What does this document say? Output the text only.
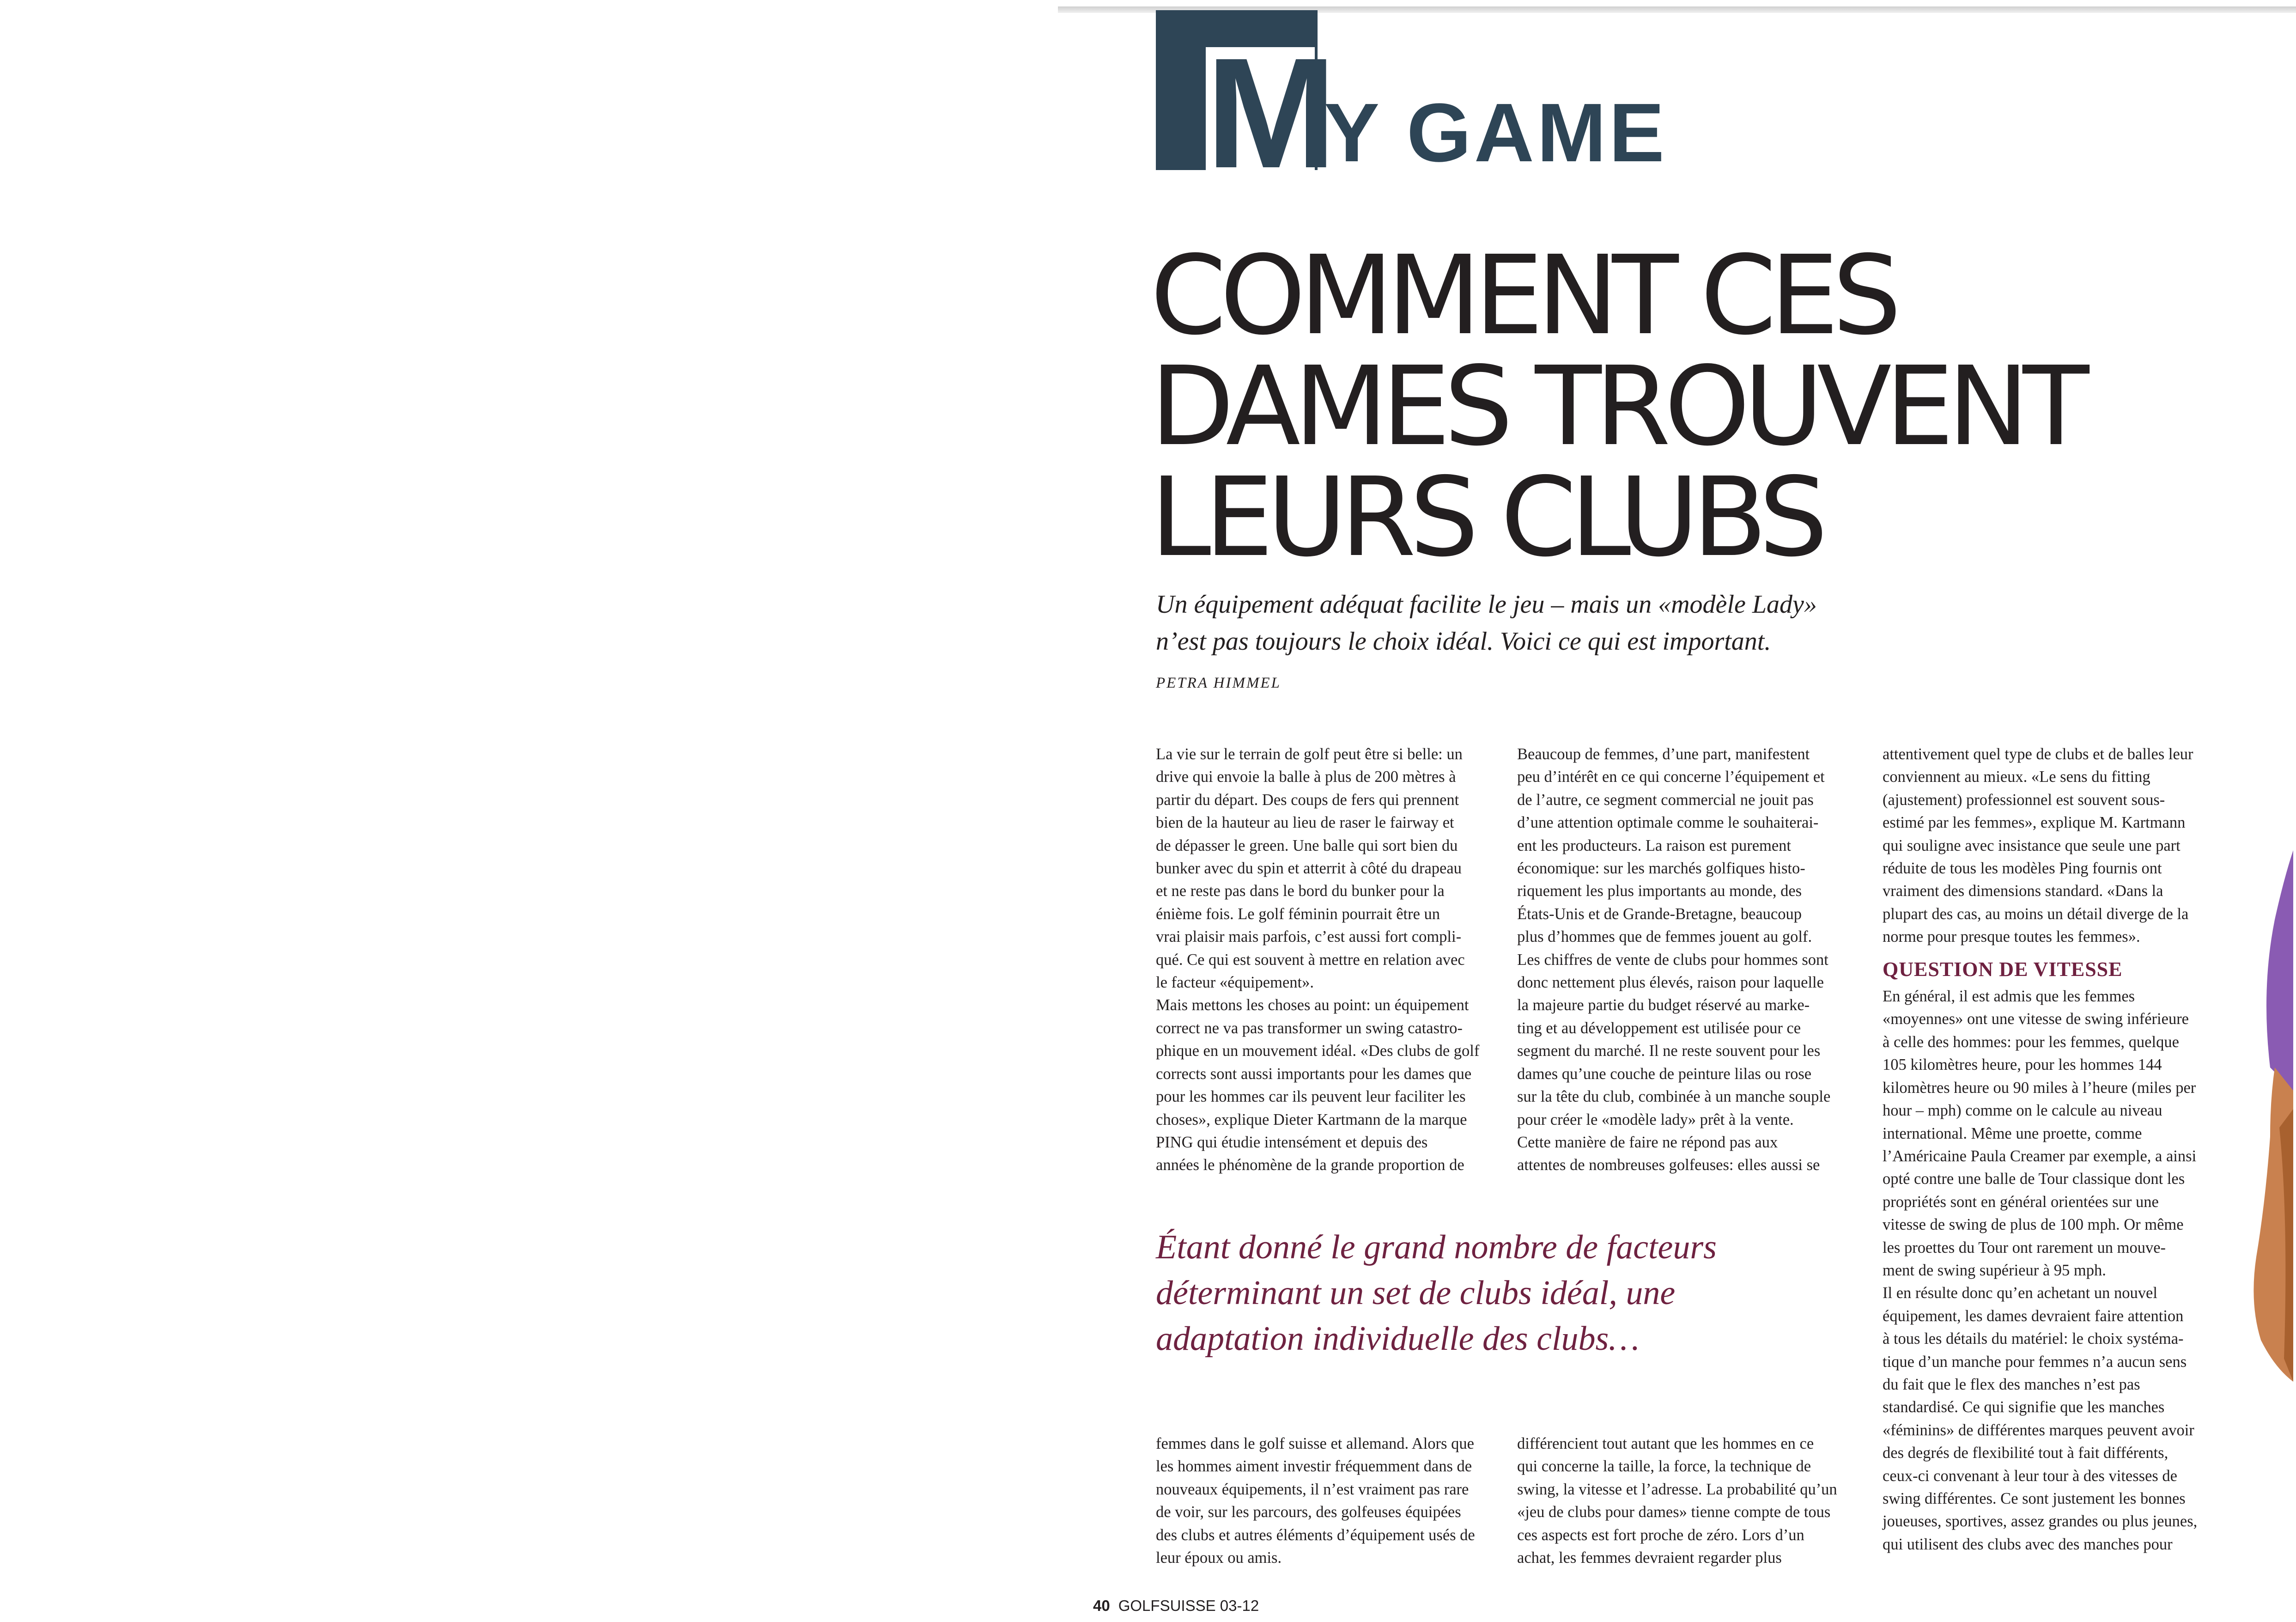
M
Y GAME
COMMENT CES
DAMES TROUVENT
LEURS CLUBS

Un équipement adéquat facilite le jeu – mais un «modèle Lady»
n’est pas toujours le choix idéal. Voici ce qui est important.

PETRA HIMMEL
La vie sur le terrain de golf peut être si belle: un
drive qui envoie la balle à plus de 200 mètres à
partir du départ. Des coups de fers qui prennent
bien de la hauteur au lieu de raser le fairway et
de dépasser le green. Une balle qui sort bien du
bunker avec du spin et atterrit à côté du drapeau
et ne reste pas dans le bord du bunker pour la
énième fois. Le golf féminin pourrait être un
vrai plaisir mais parfois, c’est aussi fort compli-
qué. Ce qui est souvent à mettre en relation avec
le facteur «équipement».
Mais mettons les choses au point: un équipement
correct ne va pas transformer un swing catastro-
phique en un mouvement idéal. «Des clubs de golf
corrects sont aussi importants pour les dames que
pour les hommes car ils peuvent leur faciliter les
choses», explique Dieter Kartmann de la marque
PING qui étudie intensément et depuis des
années le phénomène de la grande proportion de
Beaucoup de femmes, d’une part, manifestent
peu d’intérêt en ce qui concerne l’équipement et
de l’autre, ce segment commercial ne jouit pas
d’une attention optimale comme le souhaiterai-
ent les producteurs. La raison est purement
économique: sur les marchés golfiques histo-
riquement les plus importants au monde, des
États-Unis et de Grande-Bretagne, beaucoup
plus d’hommes que de femmes jouent au golf.
Les chiffres de vente de clubs pour hommes sont
donc nettement plus élevés, raison pour laquelle
la majeure partie du budget réservé au marke-
ting et au développement est utilisée pour ce
segment du marché. Il ne reste souvent pour les
dames qu’une couche de peinture lilas ou rose
sur la tête du club, combinée à un manche souple
pour créer le «modèle lady» prêt à la vente.
Cette manière de faire ne répond pas aux
attentes de nombreuses golfeuses: elles aussi se
attentivement quel type de clubs et de balles leur
conviennent au mieux. «Le sens du fitting
(ajustement) professionnel est souvent sous-
estimé par les femmes», explique M. Kartmann
qui souligne avec insistance que seule une part
réduite de tous les modèles Ping fournis ont
vraiment des dimensions standard. «Dans la
plupart des cas, au moins un détail diverge de la
norme pour presque toutes les femmes».
QUESTION DE VITESSE
En général, il est admis que les femmes
«moyennes» ont une vitesse de swing inférieure
à celle des hommes: pour les femmes, quelque
105 kilomètres heure, pour les hommes 144
kilomètres heure ou 90 miles à l’heure (miles per
hour – mph) comme on le calcule au niveau
international. Même une proette, comme
l’Américaine Paula Creamer par exemple, a ainsi
opté contre une balle de Tour classique dont les
propriétés sont en général orientées sur une
vitesse de swing de plus de 100 mph. Or même
les proettes du Tour ont rarement un mouve-
ment de swing supérieur à 95 mph.
Il en résulte donc qu’en achetant un nouvel
équipement, les dames devraient faire attention
à tous les détails du matériel: le choix systéma-
tique d’un manche pour femmes n’a aucun sens
du fait que le flex des manches n’est pas
standardisé. Ce qui signifie que les manches
«féminins» de différentes marques peuvent avoir
des degrés de flexibilité tout à fait différents,
ceux-ci convenant à leur tour à des vitesses de
swing différentes. Ce sont justement les bonnes
joueuses, sportives, assez grandes ou plus jeunes,
qui utilisent des clubs avec des manches pour
Étant donné le grand nombre de facteurs
déterminant un set de clubs idéal, une
adaptation individuelle des clubs…
femmes dans le golf suisse et allemand. Alors que
les hommes aiment investir fréquemment dans de
nouveaux équipements, il n’est vraiment pas rare
de voir, sur les parcours, des golfeuses équipées
des clubs et autres éléments d’équipement usés de
leur époux ou amis.
différencient tout autant que les hommes en ce
qui concerne la taille, la force, la technique de
swing, la vitesse et l’adresse. La probabilité qu’un
«jeu de clubs pour dames» tienne compte de tous
ces aspects est fort proche de zéro. Lors d’un
achat, les femmes devraient regarder plus
40 GOLFSUISSE 03-12
